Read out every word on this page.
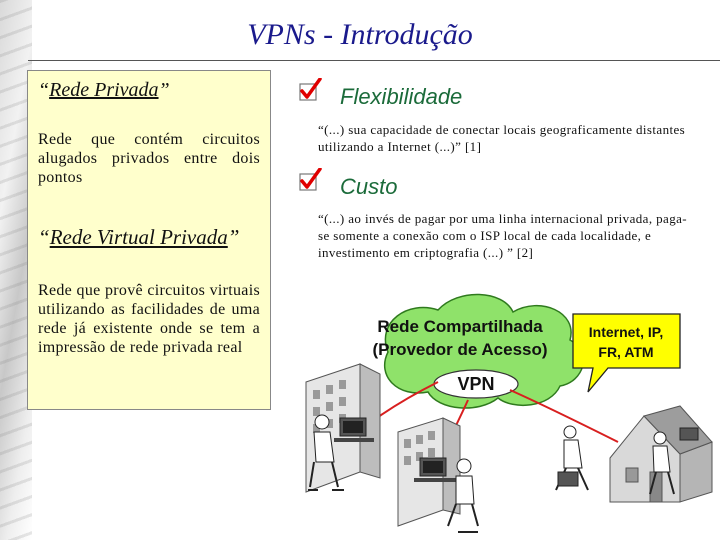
VPNs - Introdução

“Rede Privada”

Rede que contém circuitos alugados privados entre dois pontos

“Rede Virtual Privada”

Rede que provê circuitos virtuais utilizando as facilidades de uma rede já existente onde se tem a impressão de rede privada real

Flexibilidade
“(...) sua capacidade de conectar locais geograficamente distantes utilizando a Internet (...)” [1]
Custo
“(...) ao invés de pagar por uma linha internacional privada, paga-se somente a conexão com o ISP local de cada localidade, e investimento em criptografia (...) ” [2]
Rede Compartilhada
(Provedor de Acesso)
VPN
Internet, IP,
FR, ATM
